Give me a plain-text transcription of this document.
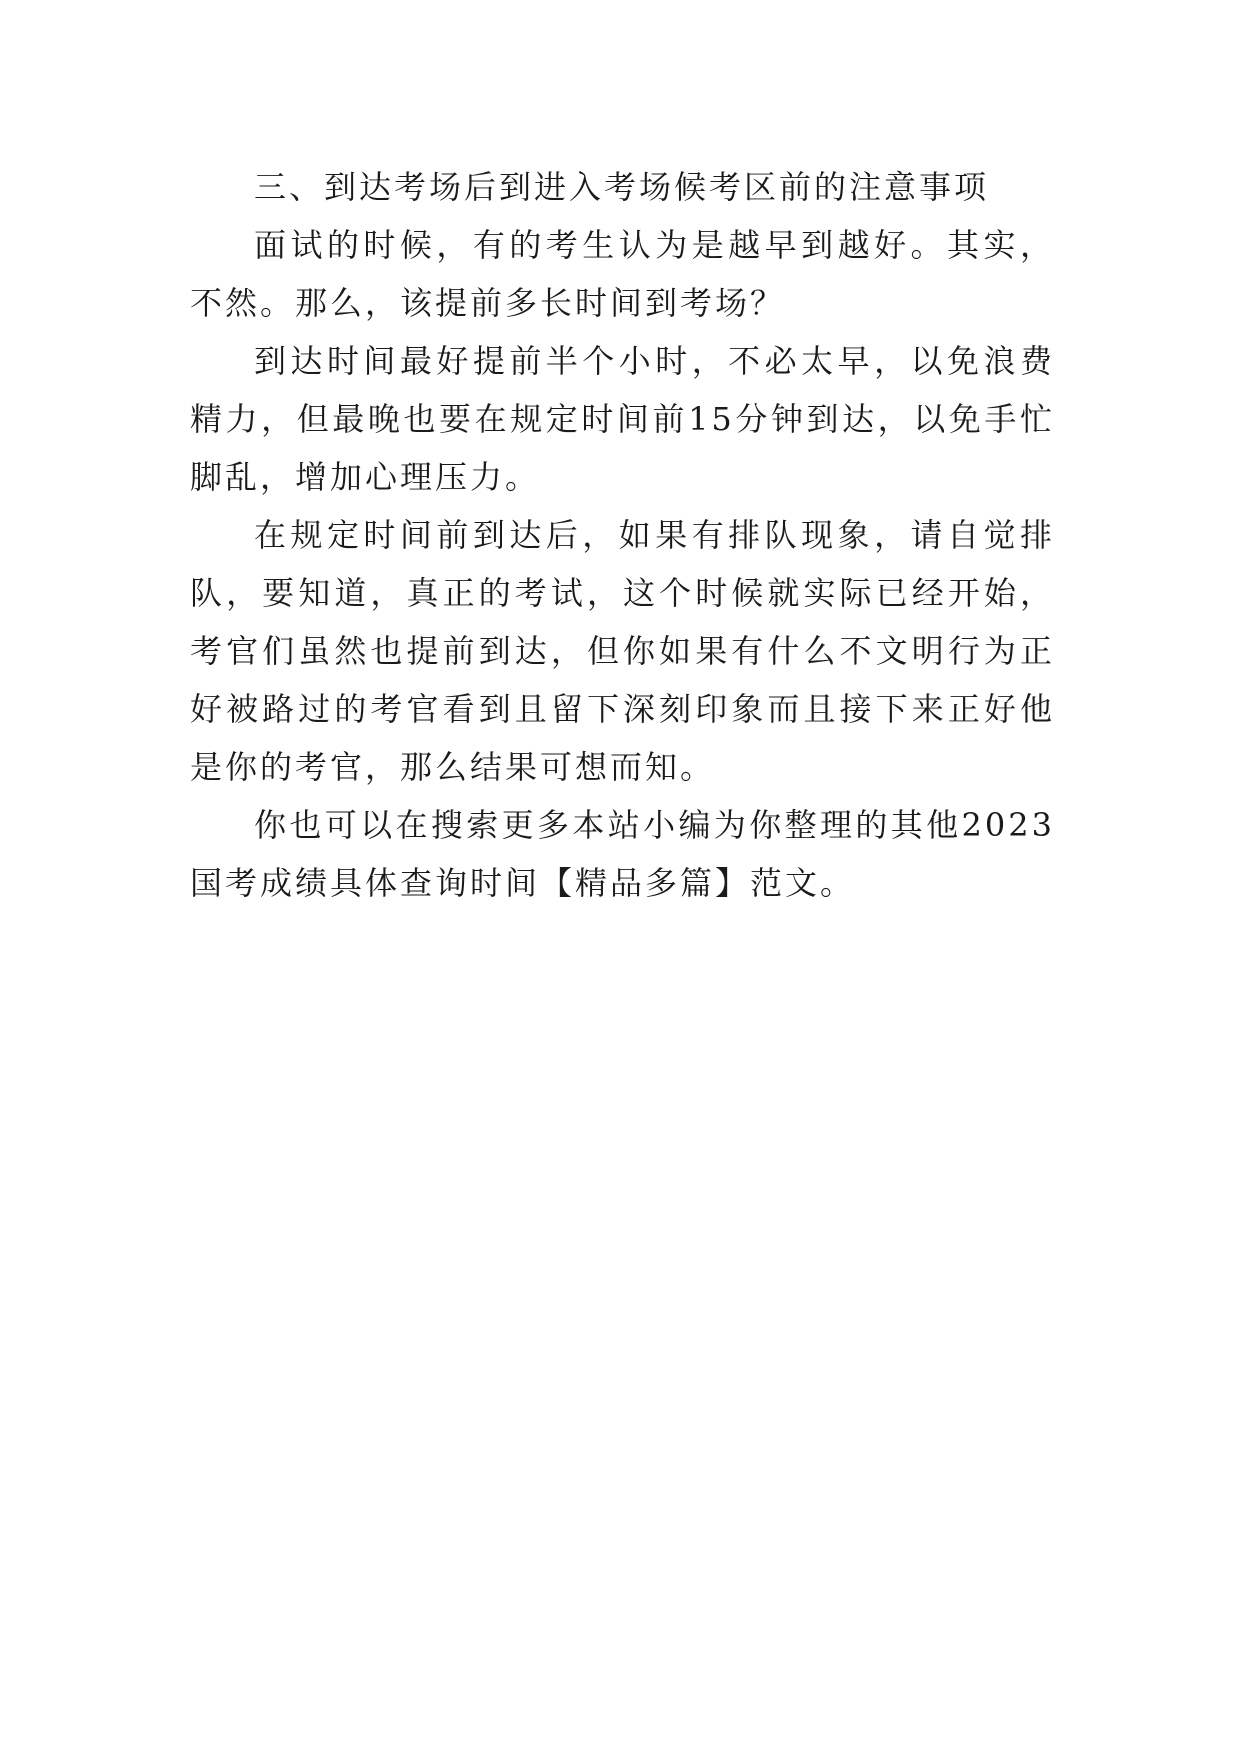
三、到达考场后到进入考场候考区前的注意事项

面试的时候，有的考生认为是越早到越好。其实，不然。那么，该提前多长时间到考场？

到达时间最好提前半个小时，不必太早，以免浪费精力，但最晚也要在规定时间前15分钟到达，以免手忙脚乱，增加心理压力。

在规定时间前到达后，如果有排队现象，请自觉排队，要知道，真正的考试，这个时候就实际已经开始，考官们虽然也提前到达，但你如果有什么不文明行为正好被路过的考官看到且留下深刻印象而且接下来正好他是你的考官，那么结果可想而知。

你也可以在搜索更多本站小编为你整理的其他2023国考成绩具体查询时间【精品多篇】范文。
